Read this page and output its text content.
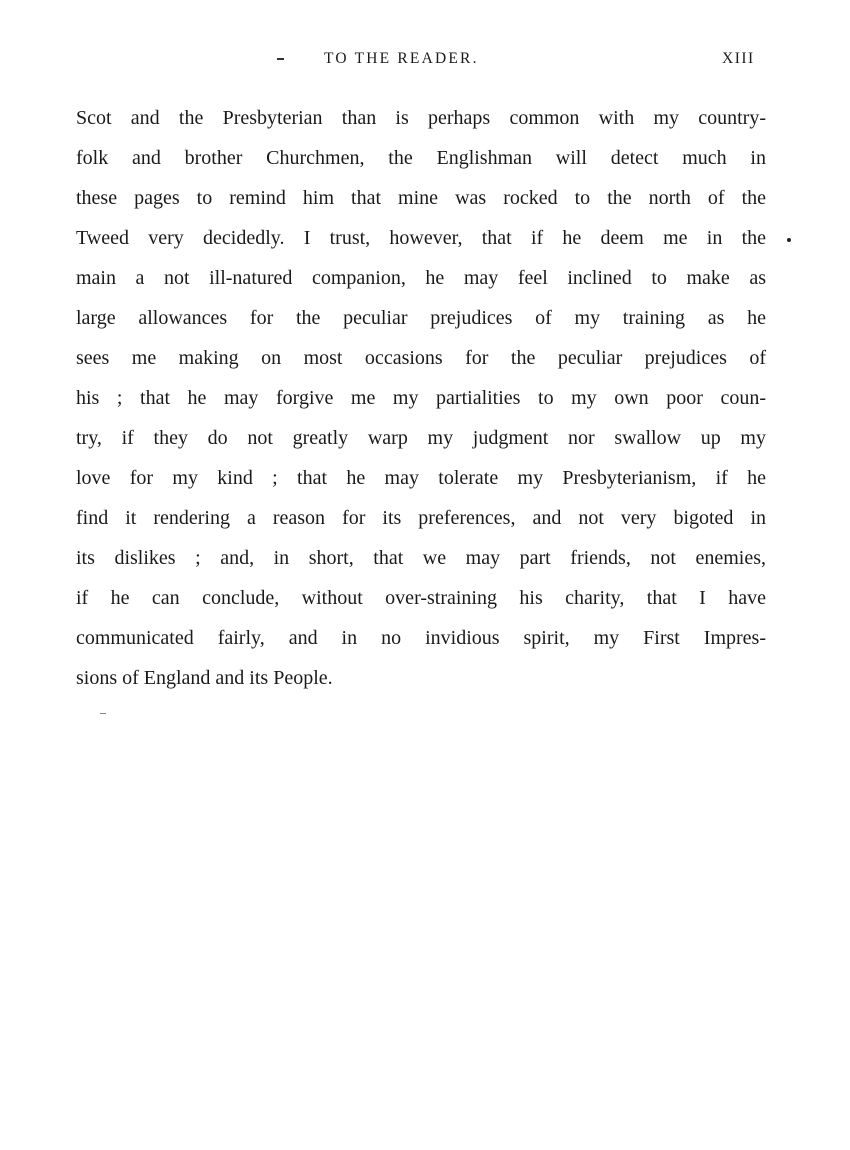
TO THE READER.	XIII
Scot and the Presbyterian than is perhaps common with my country-
folk and brother Churchmen, the Englishman will detect much in
these pages to remind him that mine was rocked to the north of the
Tweed very decidedly. I trust, however, that if he deem me in the
main a not ill-natured companion, he may feel inclined to make as
large allowances for the peculiar prejudices of my training as he
sees me making on most occasions for the peculiar prejudices of
his ; that he may forgive me my partialities to my own poor coun-
try, if they do not greatly warp my judgment nor swallow up my
love for my kind ; that he may tolerate my Presbyterianism, if he
find it rendering a reason for its preferences, and not very bigoted in
its dislikes ; and, in short, that we may part friends, not enemies,
if he can conclude, without over-straining his charity, that I have
communicated fairly, and in no invidious spirit, my First Impres-
sions of England and its People.
